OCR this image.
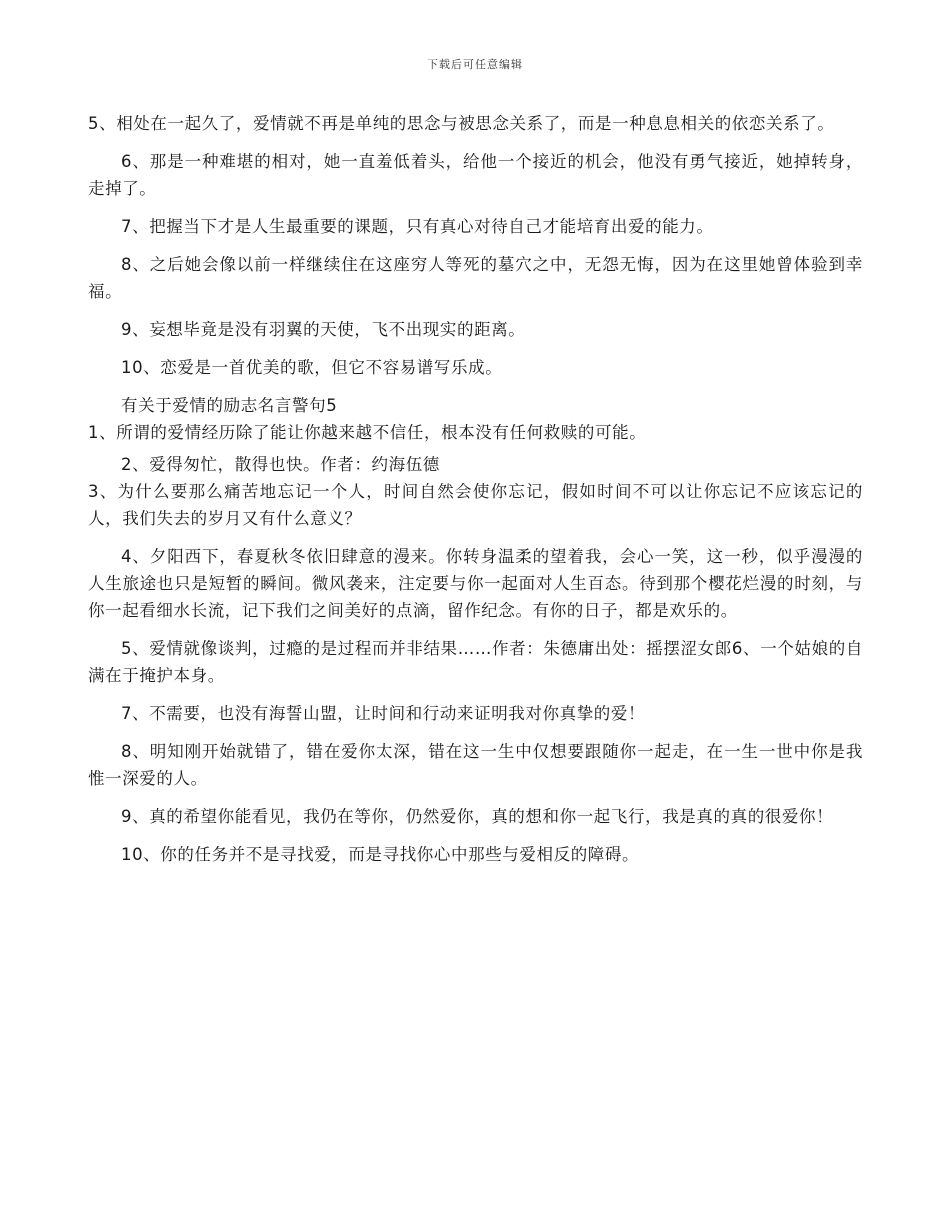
下载后可任意编辑

5、相处在一起久了，爱情就不再是单纯的思念与被思念关系了，而是一种息息相关的依恋关系了。

6、那是一种难堪的相对，她一直羞低着头，给他一个接近的机会，他没有勇气接近，她掉转身，走掉了。

7、把握当下才是人生最重要的课题，只有真心对待自己才能培育出爱的能力。

8、之后她会像以前一样继续住在这座穷人等死的墓穴之中，无怨无悔，因为在这里她曾体验到幸福。

9、妄想毕竟是没有羽翼的天使，飞不出现实的距离。

10、恋爱是一首优美的歌，但它不容易谱写乐成。

有关于爱情的励志名言警句5

1、所谓的爱情经历除了能让你越来越不信任，根本没有任何救赎的可能。

2、爱得匆忙，散得也快。作者：约海伍德

3、为什么要那么痛苦地忘记一个人，时间自然会使你忘记，假如时间不可以让你忘记不应该忘记的人，我们失去的岁月又有什么意义？

4、夕阳西下，春夏秋冬依旧肆意的漫来。你转身温柔的望着我，会心一笑，这一秒，似乎漫漫的人生旅途也只是短暂的瞬间。微风袭来，注定要与你一起面对人生百态。待到那个樱花烂漫的时刻，与你一起看细水长流，记下我们之间美好的点滴，留作纪念。有你的日子，都是欢乐的。

5、爱情就像谈判，过瘾的是过程而并非结果……作者：朱德庸出处：摇摆涩女郎6、一个姑娘的自满在于掩护本身。

7、不需要，也没有海誓山盟，让时间和行动来证明我对你真挚的爱！

8、明知刚开始就错了，错在爱你太深，错在这一生中仅想要跟随你一起走，在一生一世中你是我惟一深爱的人。

9、真的希望你能看见，我仍在等你，仍然爱你，真的想和你一起飞行，我是真的真的很爱你！

10、你的任务并不是寻找爱，而是寻找你心中那些与爱相反的障碍。
